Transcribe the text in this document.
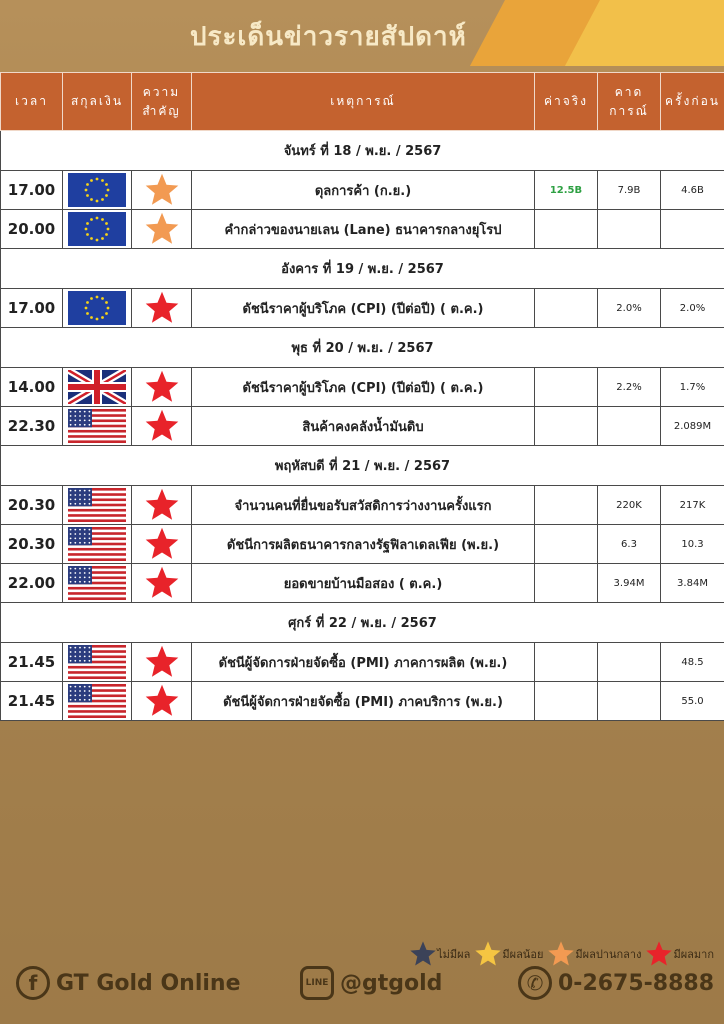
ประเด็นข่าวรายสัปดาห์
เวลา	สกุลเงิน	ความสำคัญ	เหตุการณ์	ค่าจริง	คาดการณ์	ครั้งก่อน
จันทร์ ที่ 18 / พ.ย. / 2567						
17.00			ดุลการค้า (ก.ย.)	12.5B	7.9B	4.6B
20.00			คำกล่าวของนายเลน (Lane) ธนาคารกลางยุโรป			
อังคาร ที่ 19 / พ.ย. / 2567						
17.00			ดัชนีราคาผู้บริโภค (CPI) (ปีต่อปี) ( ต.ค.)		2.0%	2.0%
พุธ ที่ 20 / พ.ย. / 2567						
14.00			ดัชนีราคาผู้บริโภค (CPI) (ปีต่อปี) ( ต.ค.)		2.2%	1.7%
22.30			สินค้าคงคลังน้ำมันดิบ			2.089M
พฤหัสบดี ที่ 21 / พ.ย. / 2567						
20.30			จำนวนคนที่ยื่นขอรับสวัสดิการว่างงานครั้งแรก		220K	217K
20.30			ดัชนีการผลิตธนาคารกลางรัฐฟิลาเดลเฟีย (พ.ย.)		6.3	10.3
22.00			ยอดขายบ้านมือสอง ( ต.ค.)		3.94M	3.84M
ศุกร์ ที่ 22 / พ.ย. / 2567						
21.45			ดัชนีผู้จัดการฝ่ายจัดซื้อ (PMI) ภาคการผลิต (พ.ย.)			48.5
21.45			ดัชนีผู้จัดการฝ่ายจัดซื้อ (PMI) ภาคบริการ (พ.ย.)			55.0
ไม่มีผล	มีผลน้อย	มีผลปานกลาง	มีผลมาก
f GT Gold Online	LINE @gtgold	✆ 0-2675-8888
